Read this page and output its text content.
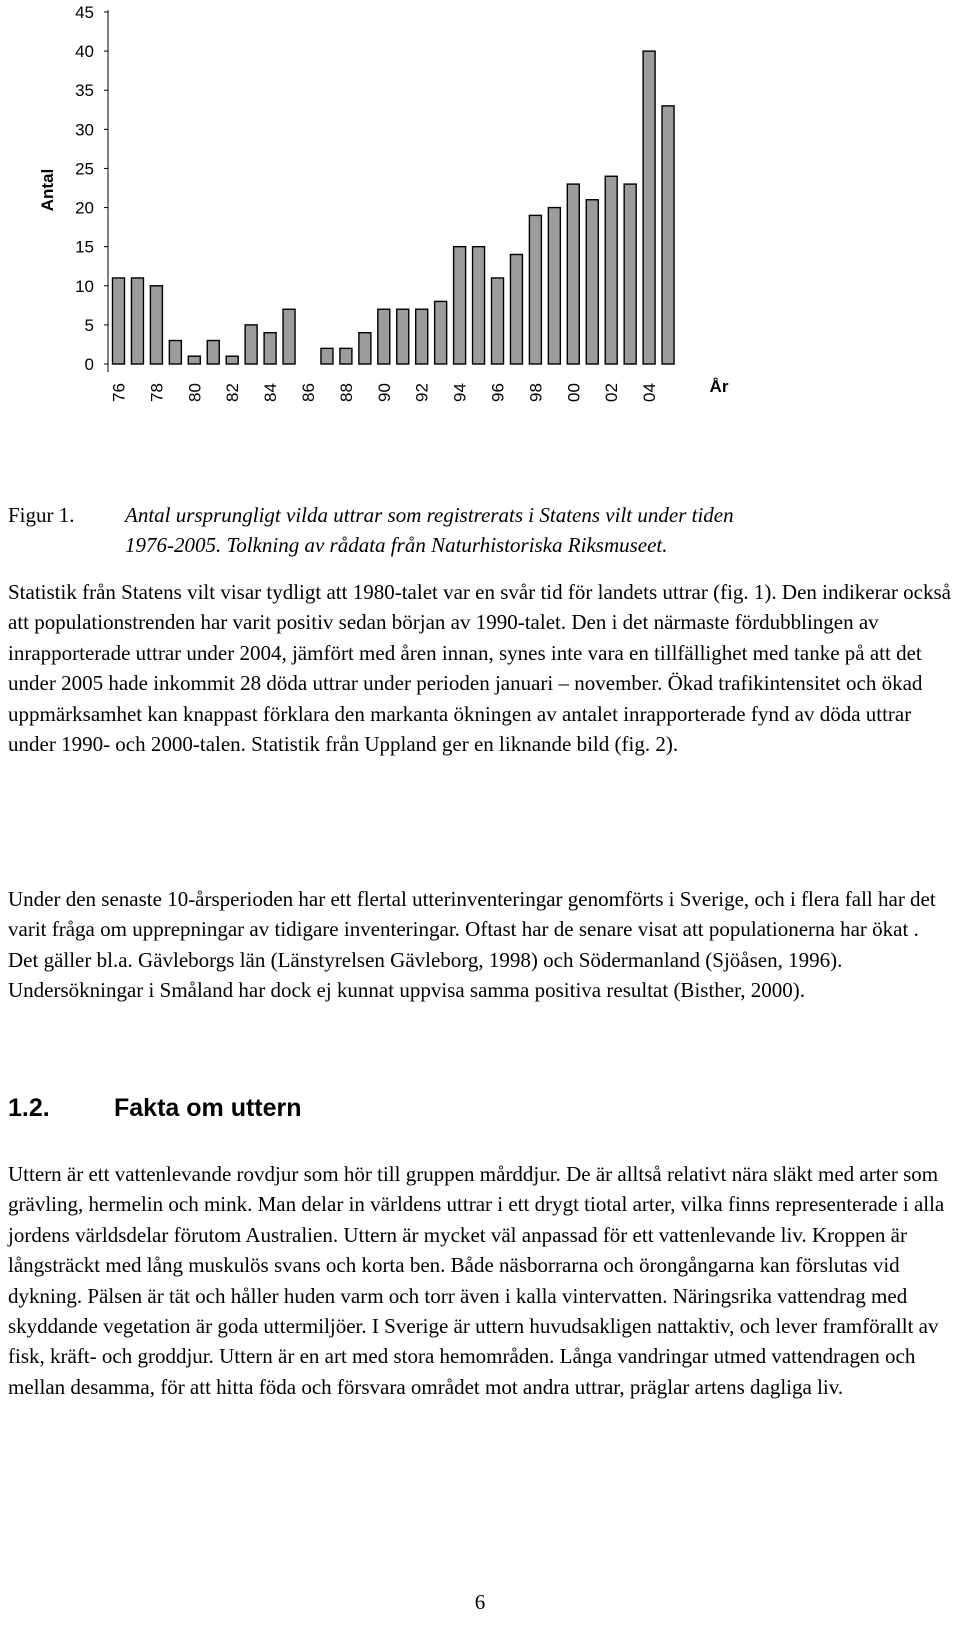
0
5
10
15
20
25
30
35
40
45
76 78 80 82 84 86 88 90 92 94 96 98 00 02 04
Antal
År
Figur 1. Antal ursprungligt vilda uttrar som registrerats i Statens vilt under tiden
1976-2005. Tolkning av rådata från Naturhistoriska Riksmuseet.

Statistik från Statens vilt visar tydligt att 1980-talet var en svår tid för landets uttrar (fig. 1). Den indikerar också att populationstrenden har varit positiv sedan början av 1990-talet. Den i det närmaste fördubblingen av inrapporterade uttrar under 2004, jämfört med åren innan, synes inte vara en tillfällighet med tanke på att det under 2005 hade inkommit 28 döda uttrar under perioden januari – november. Ökad trafikintensitet och ökad uppmärksamhet kan knappast förklara den markanta ökningen av antalet inrapporterade fynd av döda uttrar under 1990- och 2000-talen. Statistik från Uppland ger en liknande bild (fig. 2).

Under den senaste 10-årsperioden har ett flertal utterinventeringar genomförts i Sverige, och i flera fall har det varit fråga om upprepningar av tidigare inventeringar. Oftast har de senare visat att populationerna har ökat . Det gäller bl.a. Gävleborgs län (Länstyrelsen Gävleborg, 1998) och Södermanland (Sjöåsen, 1996). Undersökningar i Småland har dock ej kunnat uppvisa samma positiva resultat (Bisther, 2000).

1.2.	Fakta om uttern

Uttern är ett vattenlevande rovdjur som hör till gruppen mårddjur. De är alltså relativt nära släkt med arter som grävling, hermelin och mink. Man delar in världens uttrar i ett drygt tiotal arter, vilka finns representerade i alla jordens världsdelar förutom Australien. Uttern är mycket väl anpassad för ett vattenlevande liv. Kroppen är långsträckt med lång muskulös svans och korta ben. Både näsborrarna och örongångarna kan förslutas vid dykning. Pälsen är tät och håller huden varm och torr även i kalla vintervatten. Näringsrika vattendrag med skyddande vegetation är goda uttermiljöer. I Sverige är uttern huvudsakligen nattaktiv, och lever framförallt av fisk, kräft- och groddjur. Uttern är en art med stora hemområden. Långa vandringar utmed vattendragen och mellan desamma, för att hitta föda och försvara området mot andra uttrar, präglar artens dagliga liv.

6
